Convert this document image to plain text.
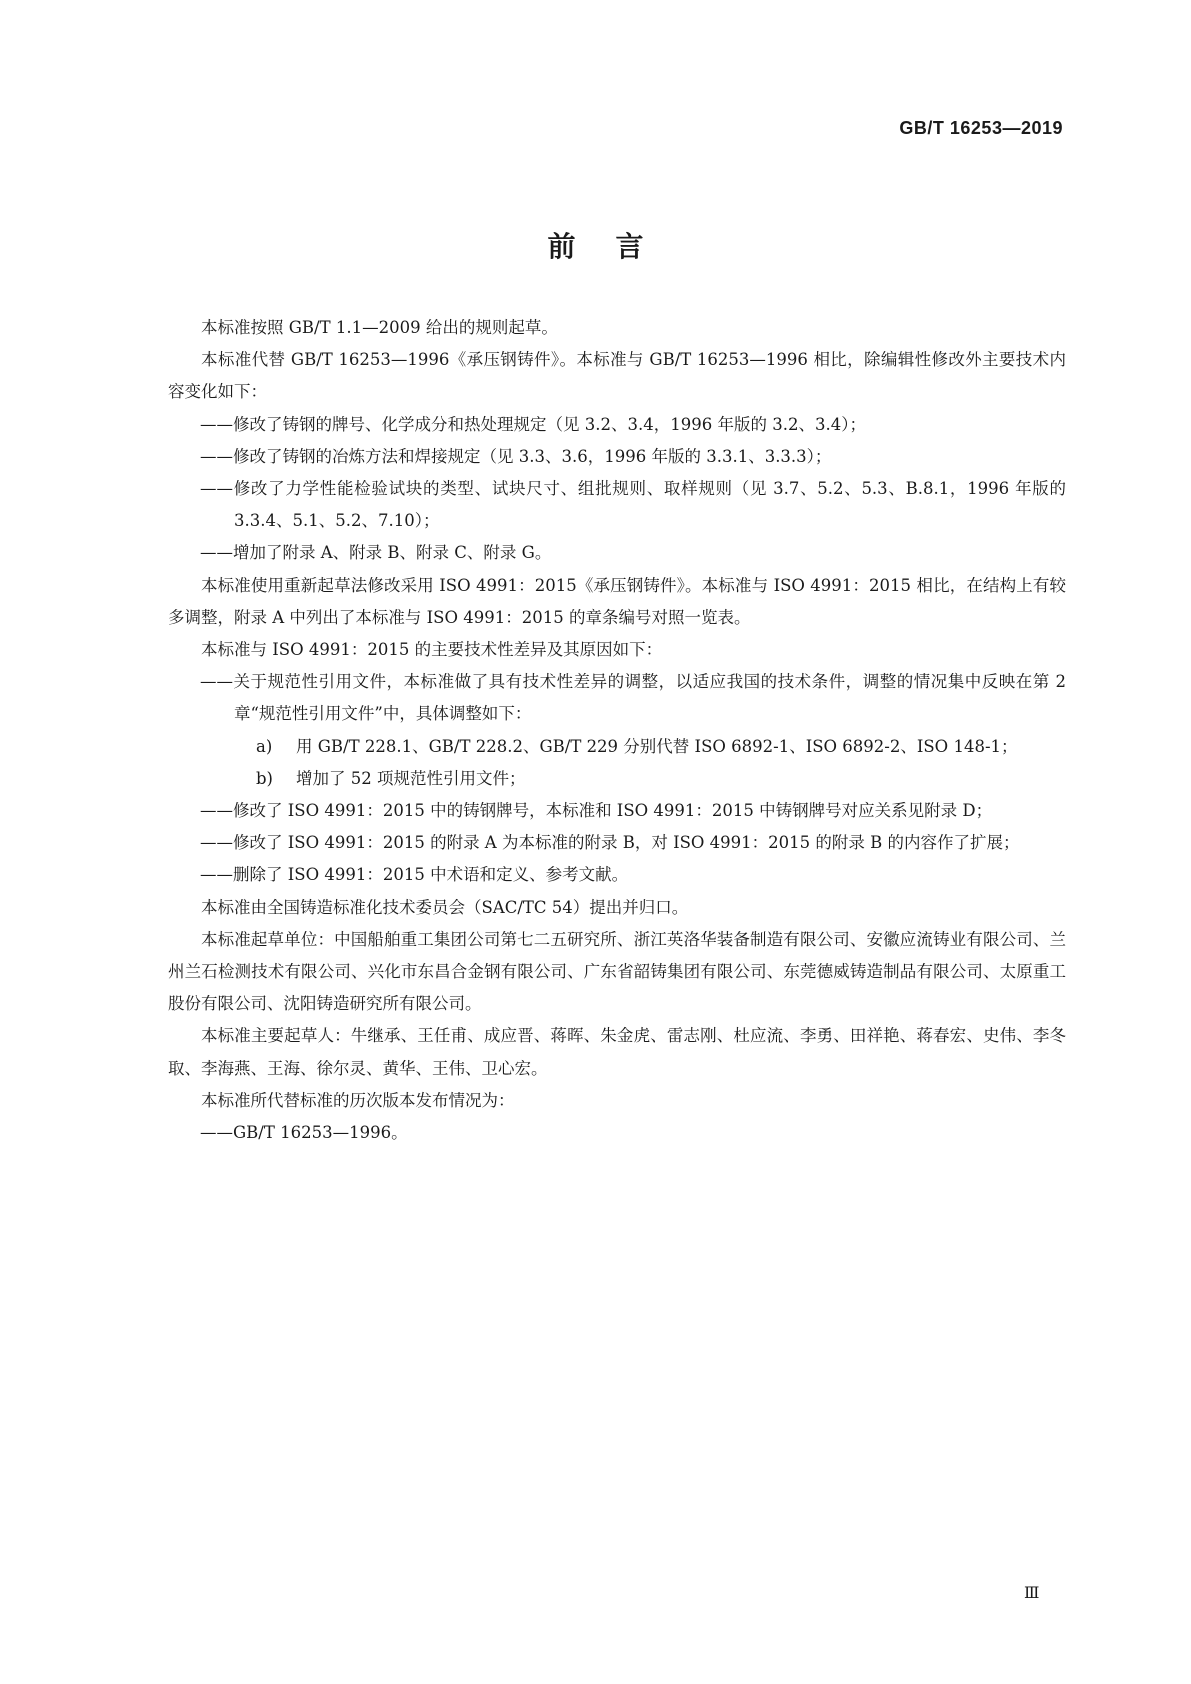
GB/T 16253—2019
前言

本标准按照 GB/T 1.1—2009 给出的规则起草。

本标准代替 GB/T 16253—1996《承压钢铸件》。本标准与 GB/T 16253—1996 相比，除编辑性修改外主要技术内容变化如下：

——修改了铸钢的牌号、化学成分和热处理规定（见 3.2、3.4，1996 年版的 3.2、3.4）；

——修改了铸钢的冶炼方法和焊接规定（见 3.3、3.6，1996 年版的 3.3.1、3.3.3）；

——修改了力学性能检验试块的类型、试块尺寸、组批规则、取样规则（见 3.7、5.2、5.3、B.8.1，1996 年版的 3.3.4、5.1、5.2、7.10）；

——增加了附录 A、附录 B、附录 C、附录 G。

本标准使用重新起草法修改采用 ISO 4991：2015《承压钢铸件》。本标准与 ISO 4991：2015 相比，在结构上有较多调整，附录 A 中列出了本标准与 ISO 4991：2015 的章条编号对照一览表。

本标准与 ISO 4991：2015 的主要技术性差异及其原因如下：

——关于规范性引用文件，本标准做了具有技术性差异的调整，以适应我国的技术条件，调整的情况集中反映在第 2 章“规范性引用文件”中，具体调整如下：

a) 用 GB/T 228.1、GB/T 228.2、GB/T 229 分别代替 ISO 6892-1、ISO 6892-2、ISO 148-1；

b) 增加了 52 项规范性引用文件；

——修改了 ISO 4991：2015 中的铸钢牌号，本标准和 ISO 4991：2015 中铸钢牌号对应关系见附录 D；

——修改了 ISO 4991：2015 的附录 A 为本标准的附录 B，对 ISO 4991：2015 的附录 B 的内容作了扩展；

——删除了 ISO 4991：2015 中术语和定义、参考文献。

本标准由全国铸造标准化技术委员会（SAC/TC 54）提出并归口。

本标准起草单位：中国船舶重工集团公司第七二五研究所、浙江英洛华装备制造有限公司、安徽应流铸业有限公司、兰州兰石检测技术有限公司、兴化市东昌合金钢有限公司、广东省韶铸集团有限公司、东莞德威铸造制品有限公司、太原重工股份有限公司、沈阳铸造研究所有限公司。

本标准主要起草人：牛继承、王任甫、成应晋、蒋晖、朱金虎、雷志刚、杜应流、李勇、田祥艳、蒋春宏、史伟、李冬取、李海燕、王海、徐尔灵、黄华、王伟、卫心宏。

本标准所代替标准的历次版本发布情况为：

——GB/T 16253—1996。

Ⅲ
